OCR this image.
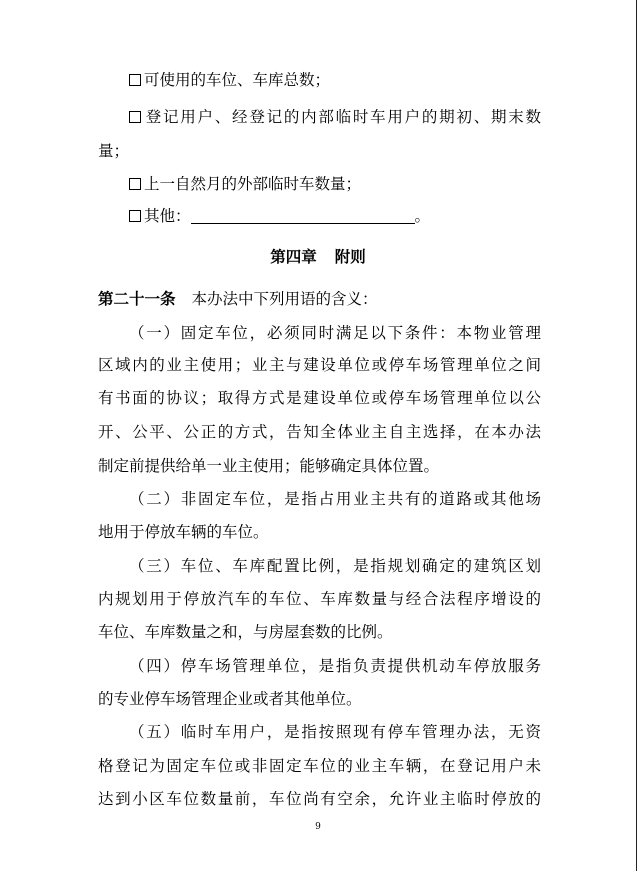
可使用的车位、车库总数；
登记用户、经登记的内部临时车用户的期初、期末数
量；
上一自然月的外部临时车数量；
其他：	。
第四章 附则
第二十一条 本办法中下列用语的含义：
（一）固定车位，必须同时满足以下条件：本物业管理
区域内的业主使用；业主与建设单位或停车场管理单位之间
有书面的协议；取得方式是建设单位或停车场管理单位以公
开、公平、公正的方式，告知全体业主自主选择，在本办法
制定前提供给单一业主使用；能够确定具体位置。
（二）非固定车位，是指占用业主共有的道路或其他场
地用于停放车辆的车位。
（三）车位、车库配置比例，是指规划确定的建筑区划
内规划用于停放汽车的车位、车库数量与经合法程序增设的
车位、车库数量之和，与房屋套数的比例。
（四）停车场管理单位，是指负责提供机动车停放服务
的专业停车场管理企业或者其他单位。
（五）临时车用户，是指按照现有停车管理办法，无资
格登记为固定车位或非固定车位的业主车辆，在登记用户未
达到小区车位数量前，车位尚有空余，允许业主临时停放的
9
